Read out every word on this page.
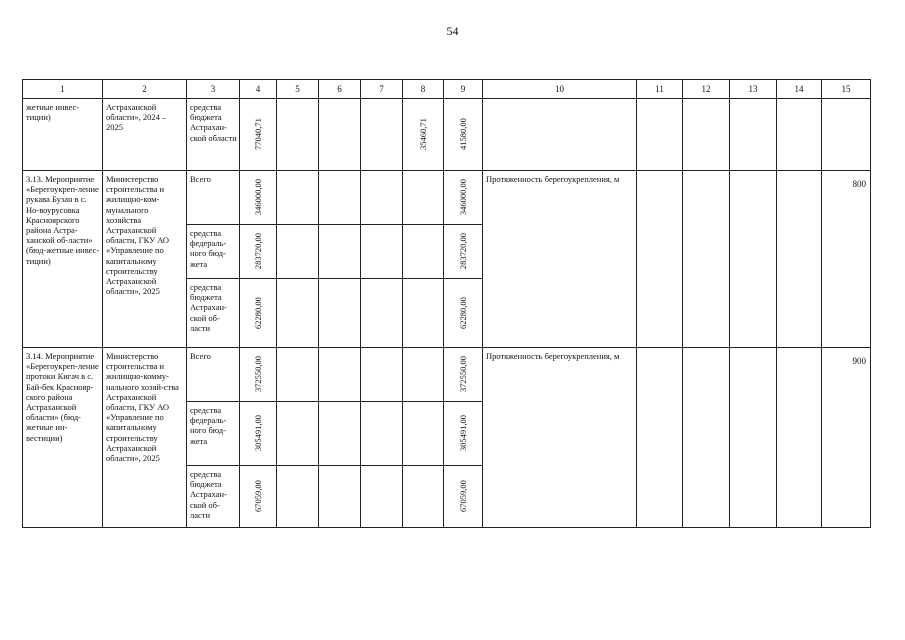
54
1	2	3	4	5	6	7	8	9	10	11	12	13	14	15
жетные инвес-тиции)	Астраханской области», 2024 – 2025	средства бюджета Астрахан-ской области	77040,71				35460,71	41580,00						

3.13. Мероприятие «Берегоукреп-ление рукава Бузан в с. Но-воурусовка Красноярского района Астра-ханской об-ласти» (бюд-жетные инвес-тиции)	Министерство строительства и жилищно-ком-мунального хозяйства Астраханской области, ГКУ АО «Управление по капитальному строительству Астраханской области», 2025	Всего	346000,00					346000,00	Протяженность берегоукрепления, м					800
		средства федераль-ного бюд-жета	283720,00					283720,00						

		средства бюджета Астрахан-ской об-ласти	62280,00					62280,00						

3.14. Мероприятие «Берегоукреп-ление протоки Кигач в с. Бай-бек Краснояр-ского района Астраханской области» (бюд-жетные ин-вестиции)	Министерство строительства и жилищно-комму-нального хозяй-ства Астраханской области, ГКУ АО «Управление по капитальному строительству Астраханской области», 2025	Всего	372550,00					372550,00	Протяженность берегоукрепления, м					900
		средства федераль-ного бюд-жета	305491,00					305491,00						

		средства бюджета Астрахан-ской об-ласти	67059,00					67059,00						
